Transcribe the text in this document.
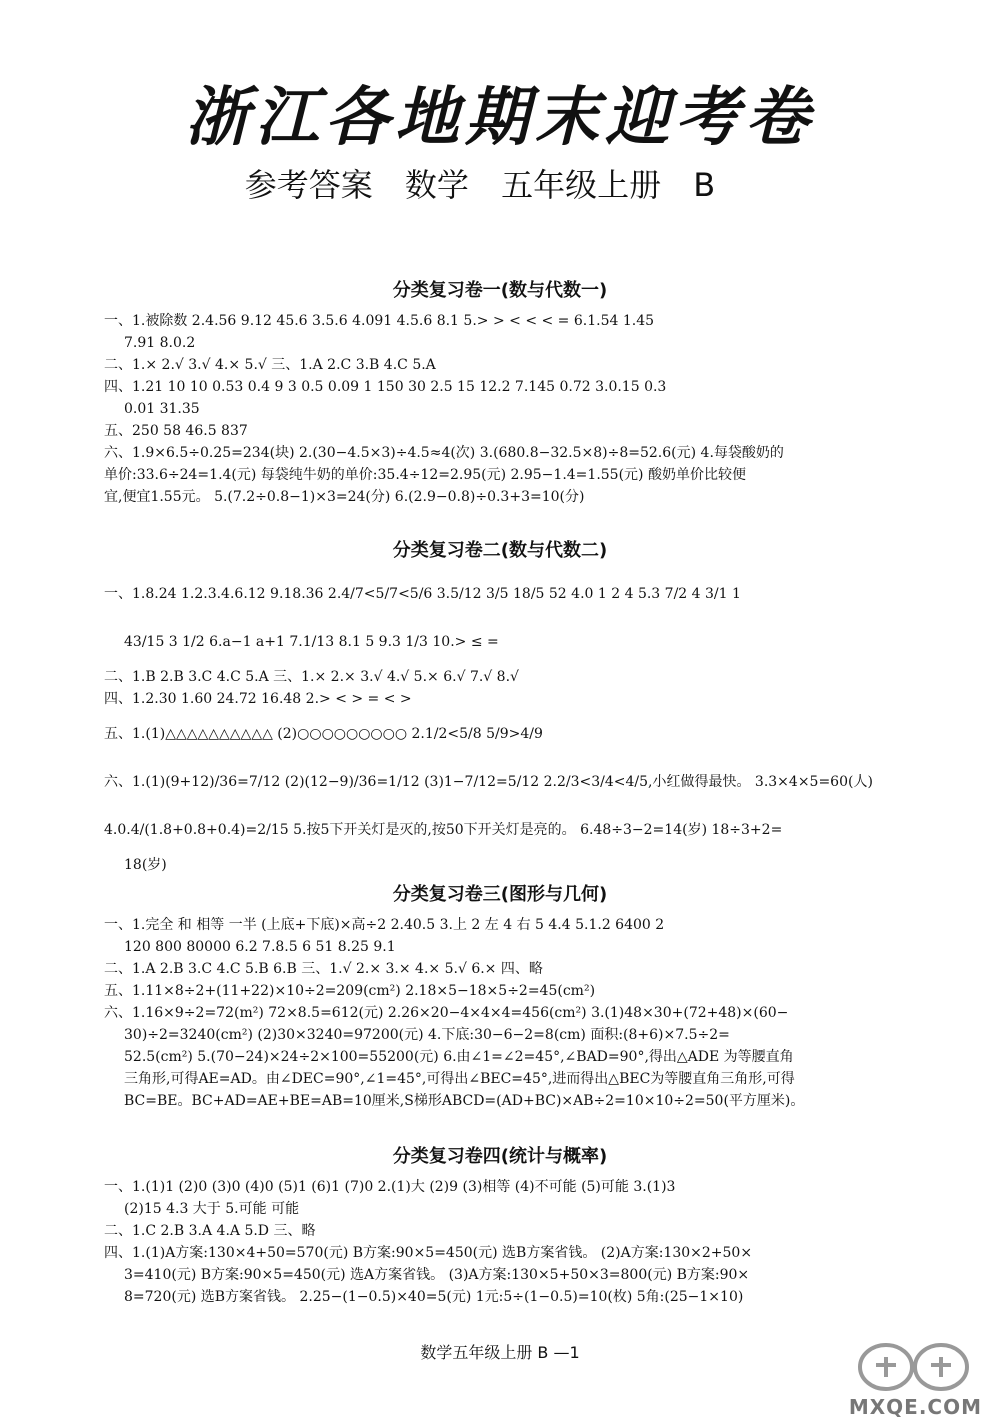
浙江各地期末迎考卷
参考答案 数学 五年级上册 B
分类复习卷一(数与代数一)
一、1.被除数 2.4.56 9.12 45.6 3.5.6 4.091 4.5.6 8.1 5.> > < < < = 6.1.54 1.45
7.91 8.0.2
二、1.× 2.√ 3.√ 4.× 5.√ 三、1.A 2.C 3.B 4.C 5.A
四、1.21 10 10 0.53 0.4 9 3 0.5 0.09 1 150 30 2.5 15 12.2 7.145 0.72 3.0.15 0.3
0.01 31.35
五、250 58 46.5 837
六、1.9×6.5÷0.25=234(块) 2.(30−4.5×3)÷4.5≈4(次) 3.(680.8−32.5×8)÷8=52.6(元) 4.每袋酸奶的
单价:33.6÷24=1.4(元) 每袋纯牛奶的单价:35.4÷12=2.95(元) 2.95−1.4=1.55(元) 酸奶单价比较便
宜,便宜1.55元。 5.(7.2÷0.8−1)×3=24(分) 6.(2.9−0.8)÷0.3+3=10(分)
分类复习卷二(数与代数二)
一、1.8.24 1.2.3.4.6.12 9.18.36 2.4/7<5/7<5/6 3.5/12 3/5 18/5 52 4.0 1 2 4 5.3 7/2 4 3/1 1
43/15 3 1/2 6.a−1 a+1 7.1/13 8.1 5 9.3 1/3 10.> ≤ =
二、1.B 2.B 3.C 4.C 5.A 三、1.× 2.× 3.√ 4.√ 5.× 6.√ 7.√ 8.√
四、1.2.30 1.60 24.72 16.48 2.> < > = < >
五、1.(1)△△△△△△△△△△ (2)○○○○○○○○○ 2.1/2<5/8 5/9>4/9
六、1.(1)(9+12)/36=7/12 (2)(12−9)/36=1/12 (3)1−7/12=5/12 2.2/3<3/4<4/5,小红做得最快。 3.3×4×5=60(人)
4.0.4/(1.8+0.8+0.4)=2/15 5.按5下开关灯是灭的,按50下开关灯是亮的。 6.48÷3−2=14(岁) 18÷3+2=
18(岁)
分类复习卷三(图形与几何)
一、1.完全 和 相等 一半 (上底+下底)×高÷2 2.40.5 3.上 2 左 4 右 5 4.4 5.1.2 6400 2
120 800 80000 6.2 7.8.5 6 51 8.25 9.1
二、1.A 2.B 3.C 4.C 5.B 6.B 三、1.√ 2.× 3.× 4.× 5.√ 6.× 四、略
五、1.11×8÷2+(11+22)×10÷2=209(cm²) 2.18×5−18×5÷2=45(cm²)
六、1.16×9÷2=72(m²) 72×8.5=612(元) 2.26×20−4×4×4=456(cm²) 3.(1)48×30+(72+48)×(60−
30)÷2=3240(cm²) (2)30×3240=97200(元) 4.下底:30−6−2=8(cm) 面积:(8+6)×7.5÷2=
52.5(cm²) 5.(70−24)×24÷2×100=55200(元) 6.由∠1=∠2=45°,∠BAD=90°,得出△ADE 为等腰直角
三角形,可得AE=AD。由∠DEC=90°,∠1=45°,可得出∠BEC=45°,进而得出△BEC为等腰直角三角形,可得
BC=BE。BC+AD=AE+BE=AB=10厘米,S梯形ABCD=(AD+BC)×AB÷2=10×10÷2=50(平方厘米)。
分类复习卷四(统计与概率)
一、1.(1)1 (2)0 (3)0 (4)0 (5)1 (6)1 (7)0 2.(1)大 (2)9 (3)相等 (4)不可能 (5)可能 3.(1)3
(2)15 4.3 大于 5.可能 可能
二、1.C 2.B 3.A 4.A 5.D 三、略
四、1.(1)A方案:130×4+50=570(元) B方案:90×5=450(元) 选B方案省钱。 (2)A方案:130×2+50×
3=410(元) B方案:90×5=450(元) 选A方案省钱。 (3)A方案:130×5+50×3=800(元) B方案:90×
8=720(元) 选B方案省钱。 2.25−(1−0.5)×40=5(元) 1元:5÷(1−0.5)=10(枚) 5角:(25−1×10)
数学五年级上册 B —1
MXQE.COM
